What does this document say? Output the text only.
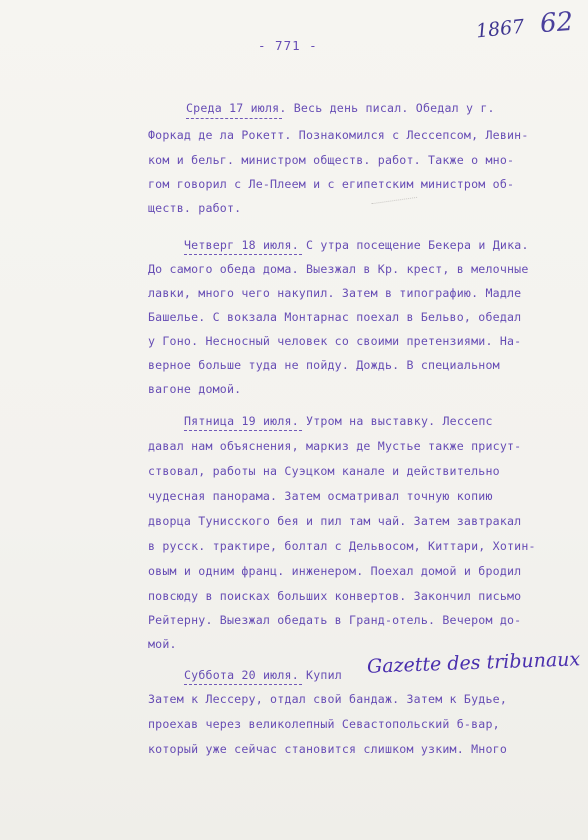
- 771 -
1867 62
Среда 17 июля. Весь день писал. Обедал у г.
Форкад де ла Рокетт. Познакомился с Лессепсом, Левин-
ком и бельг. министром обществ. работ. Также о мно-
гом говорил с Ле-Плеем и с египетским министром об-
ществ. работ.
Четверг 18 июля. С утра посещение Бекера и Дика.
До самого обеда дома. Выезжал в Кр. крест, в мелочные
лавки, много чего накупил. Затем в типографию. Мадле
Башелье. С вокзала Монтарнас поехал в Бельво, обедал
у Гоно. Несносный человек со своими претензиями. На-
верное больше туда не пойду. Дождь. В специальном
вагоне домой.
Пятница 19 июля. Утром на выставку. Лессепс
давал нам объяснения, маркиз де Мустье также присут-
ствовал, работы на Суэцком канале и действительно
чудесная панорама. Затем осматривал точную копию
дворца Тунисского бея и пил там чай. Затем завтракал
в русск. трактире, болтал с Дельвосом, Киттари, Хотин-
овым и одним франц. инженером. Поехал домой и бродил
повсюду в поисках больших конвертов. Закончил письмо
Рейтерну. Выезжал обедать в Гранд-отель. Вечером до-
мой.
Суббота 20 июля. Купил Gazette des tribunaux
Затем к Лессеру, отдал свой бандаж. Затем к Будье,
проехав через великолепный Севастопольский б-вар,
который уже сейчас становится слишком узким. Много
